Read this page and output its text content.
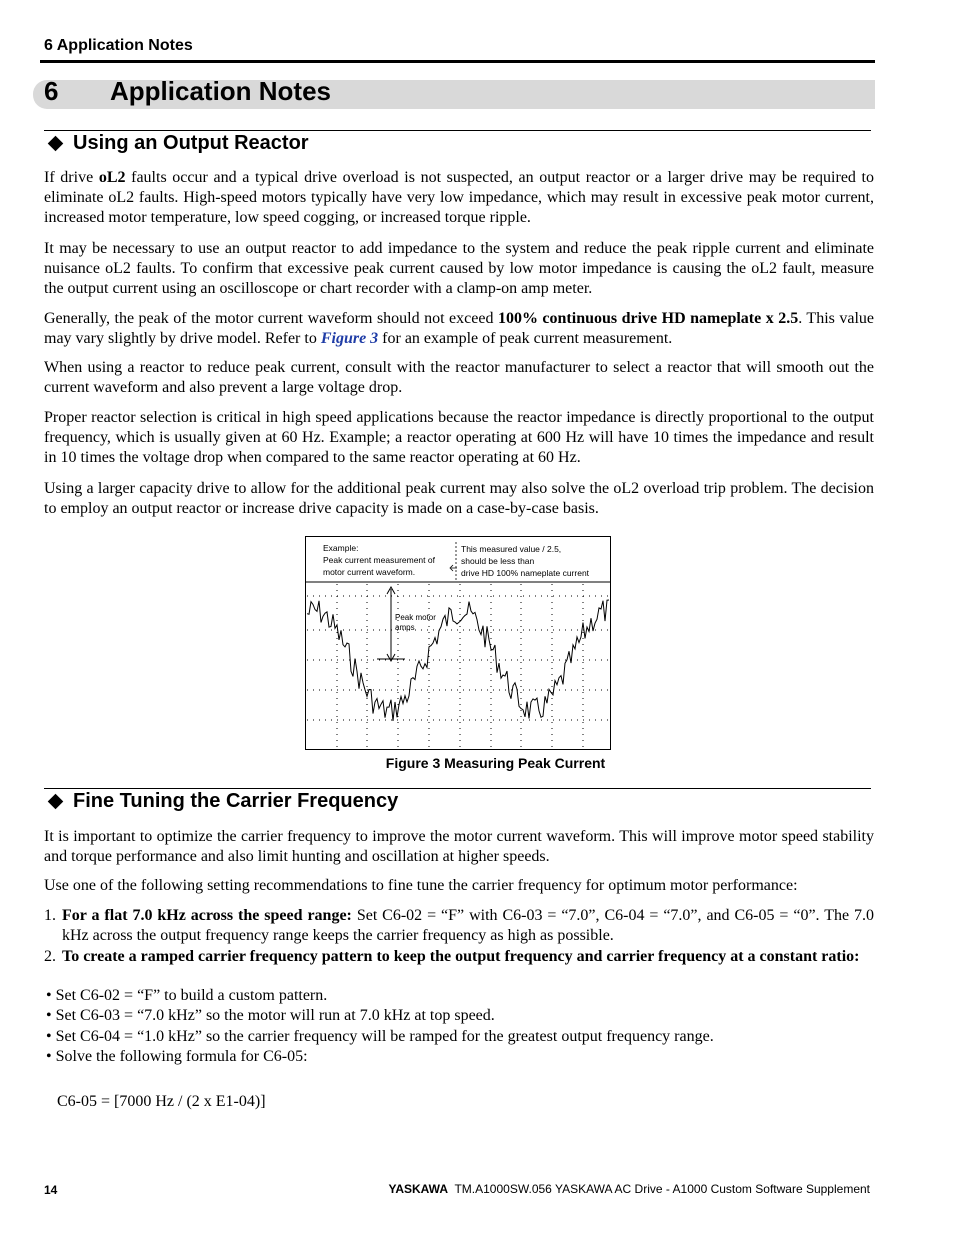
6 Application Notes
6 Application Notes
Using an Output Reactor
If drive oL2 faults occur and a typical drive overload is not suspected, an output reactor or a larger drive may be required to eliminate oL2 faults. High-speed motors typically have very low impedance, which may result in excessive peak motor current, increased motor temperature, low speed cogging, or increased torque ripple.
It may be necessary to use an output reactor to add impedance to the system and reduce the peak ripple current and eliminate nuisance oL2 faults. To confirm that excessive peak current caused by low motor impedance is causing the oL2 fault, measure the output current using an oscilloscope or chart recorder with a clamp-on amp meter.
Generally, the peak of the motor current waveform should not exceed 100% continuous drive HD nameplate x 2.5. This value may vary slightly by drive model. Refer to Figure 3 for an example of peak current measurement.
When using a reactor to reduce peak current, consult with the reactor manufacturer to select a reactor that will smooth out the current waveform and also prevent a large voltage drop.
Proper reactor selection is critical in high speed applications because the reactor impedance is directly proportional to the output frequency, which is usually given at 60 Hz. Example; a reactor operating at 600 Hz will have 10 times the impedance and result in 10 times the voltage drop when compared to the same reactor operating at 60 Hz.
Using a larger capacity drive to allow for the additional peak current may also solve the oL2 overload trip problem. The decision to employ an output reactor or increase drive capacity is made on a case-by-case basis.
Example:
Peak current measurement of
motor current waveform.
This measured value / 2.5,
should be less than
drive HD 100% nameplate current
Peak motor
amps
Figure 3 Measuring Peak Current
Fine Tuning the Carrier Frequency
It is important to optimize the carrier frequency to improve the motor current waveform. This will improve motor speed stability and torque performance and also limit hunting and oscillation at higher speeds.
Use one of the following setting recommendations to fine tune the carrier frequency for optimum motor performance:
1. For a flat 7.0 kHz across the speed range: Set C6-02 = “F” with C6-03 = “7.0”, C6-04 = “7.0”, and C6-05 = “0”. The 7.0 kHz across the output frequency range keeps the carrier frequency as high as possible.
2. To create a ramped carrier frequency pattern to keep the output frequency and carrier frequency at a constant ratio:
• Set C6-02 = “F” to build a custom pattern.
• Set C6-03 = “7.0 kHz” so the motor will run at 7.0 kHz at top speed.
• Set C6-04 = “1.0 kHz” so the carrier frequency will be ramped for the greatest output frequency range.
• Solve the following formula for C6-05:
C6-05 = [7000 Hz / (2 x E1-04)]
14	YASKAWA TM.A1000SW.056 YASKAWA AC Drive - A1000 Custom Software Supplement
